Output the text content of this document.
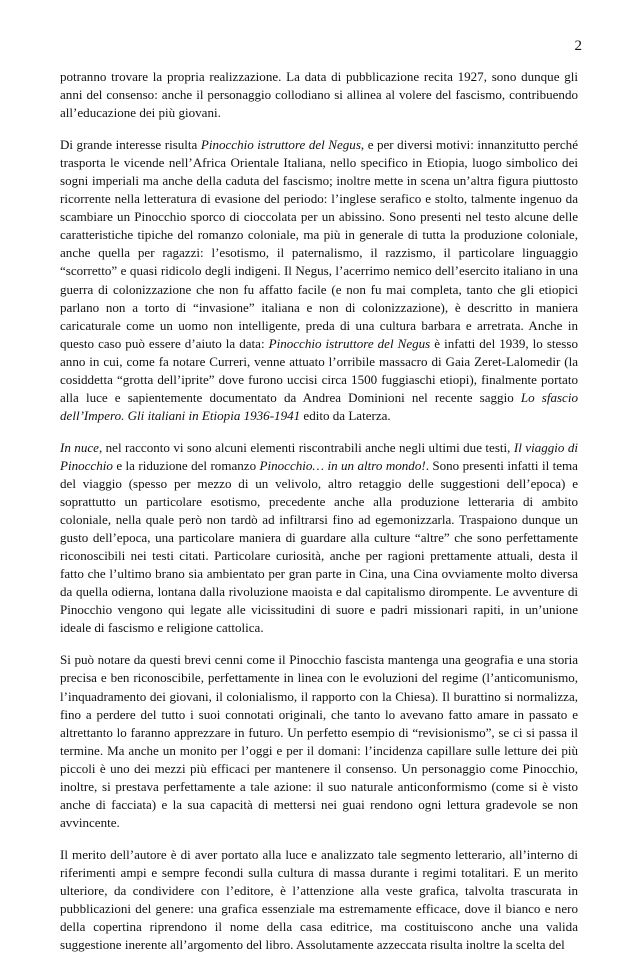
2

potranno trovare la propria realizzazione. La data di pubblicazione recita 1927, sono dunque gli anni del consenso: anche il personaggio collodiano si allinea al volere del fascismo, contribuendo all’educazione dei più giovani.

Di grande interesse risulta Pinocchio istruttore del Negus, e per diversi motivi: innanzitutto perché trasporta le vicende nell’Africa Orientale Italiana, nello specifico in Etiopia, luogo simbolico dei sogni imperiali ma anche della caduta del fascismo; inoltre mette in scena un’altra figura piuttosto ricorrente nella letteratura di evasione del periodo: l’inglese serafico e stolto, talmente ingenuo da scambiare un Pinocchio sporco di cioccolata per un abissino. Sono presenti nel testo alcune delle caratteristiche tipiche del romanzo coloniale, ma più in generale di tutta la produzione coloniale, anche quella per ragazzi: l’esotismo, il paternalismo, il razzismo, il particolare linguaggio “scorretto” e quasi ridicolo degli indigeni. Il Negus, l’acerrimo nemico dell’esercito italiano in una guerra di colonizzazione che non fu affatto facile (e non fu mai completa, tanto che gli etiopici parlano non a torto di “invasione” italiana e non di colonizzazione), è descritto in maniera caricaturale come un uomo non intelligente, preda di una cultura barbara e arretrata. Anche in questo caso può essere d’aiuto la data: Pinocchio istruttore del Negus è infatti del 1939, lo stesso anno in cui, come fa notare Curreri, venne attuato l’orribile massacro di Gaia Zeret-Lalomedir (la cosiddetta “grotta dell’iprite” dove furono uccisi circa 1500 fuggiaschi etiopi), finalmente portato alla luce e sapientemente documentato da Andrea Dominioni nel recente saggio Lo sfascio dell’Impero. Gli italiani in Etiopia 1936-1941 edito da Laterza.

In nuce, nel racconto vi sono alcuni elementi riscontrabili anche negli ultimi due testi, Il viaggio di Pinocchio e la riduzione del romanzo Pinocchio… in un altro mondo!. Sono presenti infatti il tema del viaggio (spesso per mezzo di un velivolo, altro retaggio delle suggestioni dell’epoca) e soprattutto un particolare esotismo, precedente anche alla produzione letteraria di ambito coloniale, nella quale però non tardò ad infiltrarsi fino ad egemonizzarla. Traspaiono dunque un gusto dell’epoca, una particolare maniera di guardare alla culture “altre” che sono perfettamente riconoscibili nei testi citati. Particolare curiosità, anche per ragioni prettamente attuali, desta il fatto che l’ultimo brano sia ambientato per gran parte in Cina, una Cina ovviamente molto diversa da quella odierna, lontana dalla rivoluzione maoista e dal capitalismo dirompente. Le avventure di Pinocchio vengono qui legate alle vicissitudini di suore e padri missionari rapiti, in un’unione ideale di fascismo e religione cattolica.

Si può notare da questi brevi cenni come il Pinocchio fascista mantenga una geografia e una storia precisa e ben riconoscibile, perfettamente in linea con le evoluzioni del regime (l’anticomunismo, l’inquadramento dei giovani, il colonialismo, il rapporto con la Chiesa). Il burattino si normalizza, fino a perdere del tutto i suoi connotati originali, che tanto lo avevano fatto amare in passato e altrettanto lo faranno apprezzare in futuro. Un perfetto esempio di “revisionismo”, se ci si passa il termine. Ma anche un monito per l’oggi e per il domani: l’incidenza capillare sulle letture dei più piccoli è uno dei mezzi più efficaci per mantenere il consenso. Un personaggio come Pinocchio, inoltre, si prestava perfettamente a tale azione: il suo naturale anticonformismo (come si è visto anche di facciata) e la sua capacità di mettersi nei guai rendono ogni lettura gradevole se non avvincente.

Il merito dell’autore è di aver portato alla luce e analizzato tale segmento letterario, all’interno di riferimenti ampi e sempre fecondi sulla cultura di massa durante i regimi totalitari. E un merito ulteriore, da condividere con l’editore, è l’attenzione alla veste grafica, talvolta trascurata in pubblicazioni del genere: una grafica essenziale ma estremamente efficace, dove il bianco e nero della copertina riprendono il nome della casa editrice, ma costituiscono anche una valida suggestione inerente all’argomento del libro. Assolutamente azzeccata risulta inoltre la scelta del
